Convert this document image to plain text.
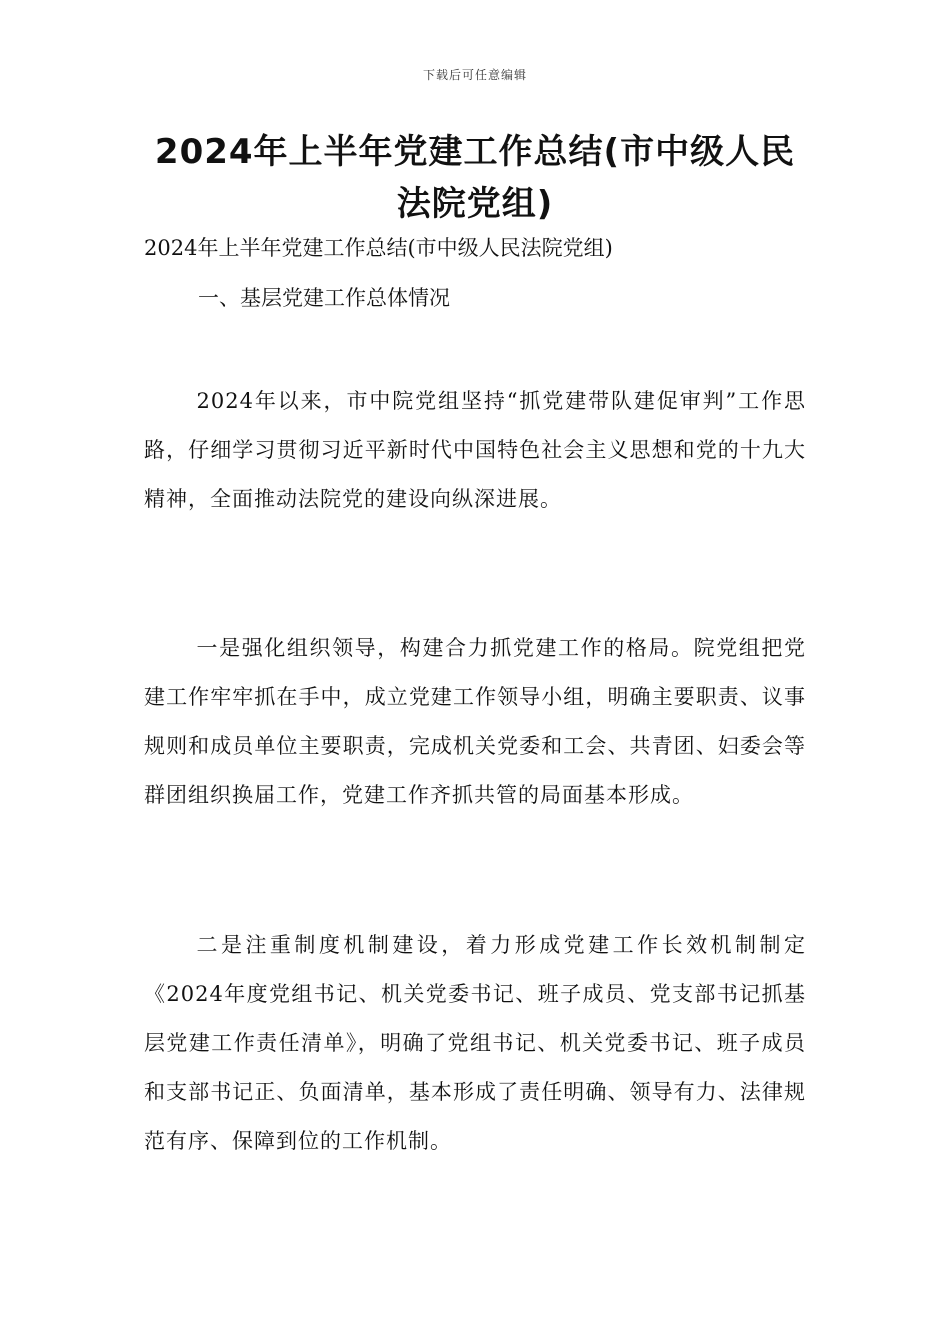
下载后可任意编辑
2024年上半年党建工作总结(市中级人民法院党组)

2024年上半年党建工作总结(市中级人民法院党组)

一、基层党建工作总体情况

2024年以来，市中院党组坚持“抓党建带队建促审判”工作思路，仔细学习贯彻习近平新时代中国特色社会主义思想和党的十九大精神，全面推动法院党的建设向纵深进展。

一是强化组织领导，构建合力抓党建工作的格局。院党组把党建工作牢牢抓在手中，成立党建工作领导小组，明确主要职责、议事规则和成员单位主要职责，完成机关党委和工会、共青团、妇委会等群团组织换届工作，党建工作齐抓共管的局面基本形成。

二是注重制度机制建设，着力形成党建工作长效机制制定《2024年度党组书记、机关党委书记、班子成员、党支部书记抓基层党建工作责任清单》，明确了党组书记、机关党委书记、班子成员和支部书记正、负面清单，基本形成了责任明确、领导有力、法律规范有序、保障到位的工作机制。
